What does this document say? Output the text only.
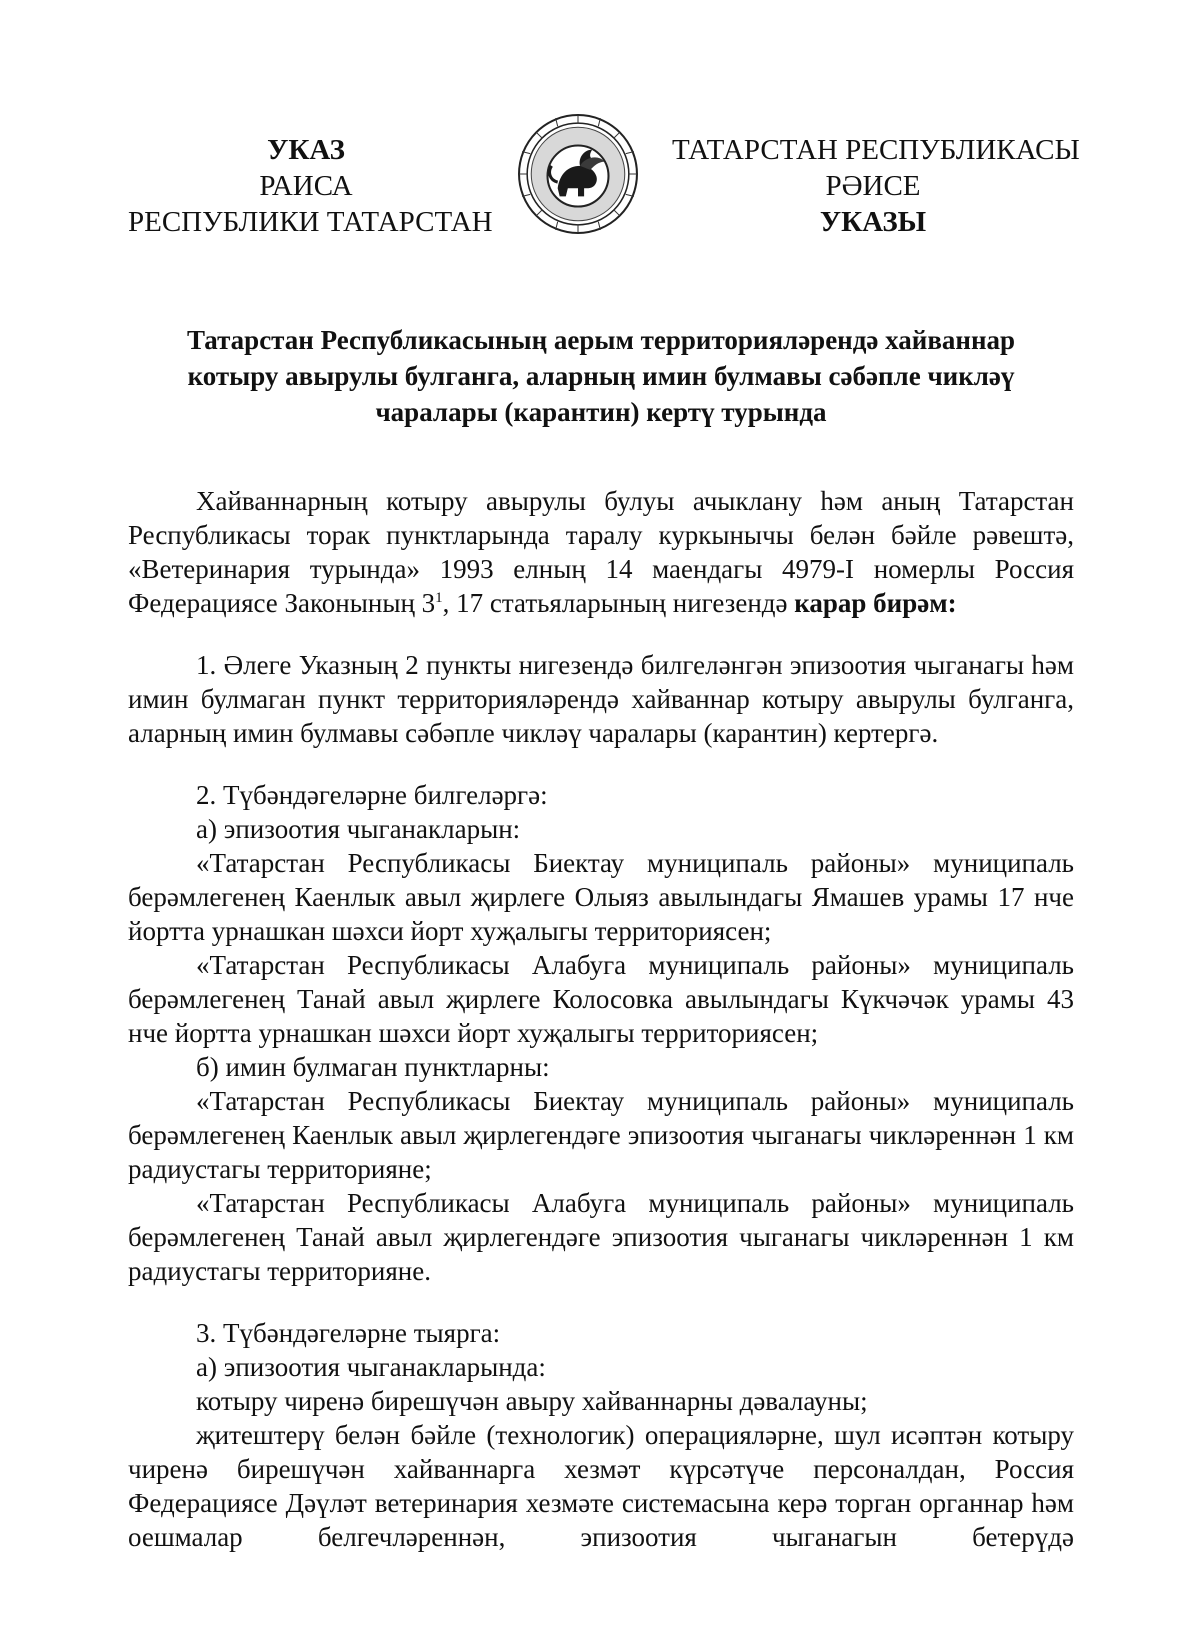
УКАЗ
РАИСА
РЕСПУБЛИКИ ТАТАРСТАН
ТАТАРСТАН РЕСПУБЛИКАСЫ
РӘИСЕ
УКАЗЫ
Татарстан Республикасының аерым территорияләрендә хайваннар
котыру авырулы булганга, аларның имин булмавы сәбәпле чикләү
чаралары (карантин) кертү турында

Хайваннарның котыру авырулы булуы ачыклану һәм аның Татарстан Республикасы торак пунктларында таралу куркынычы белән бәйле рәвештә, «Ветеринария турында» 1993 елның 14 маендагы 4979-I номерлы Россия Федерациясе Законының $3^1$, 17 статьяларының нигезендә карар бирәм:

1. Әлеге Указның 2 пункты нигезендә билгеләнгән эпизоотия чыганагы һәм имин булмаган пункт территорияләрендә хайваннар котыру авырулы булганга, аларның имин булмавы сәбәпле чикләү чаралары (карантин) кертергә.

2. Түбәндәгеләрне билгеләргә:

а) эпизоотия чыганакларын:

«Татарстан Республикасы Биектау муниципаль районы» муниципаль берәмлегенең Каенлык авыл җирлеге Олыяз авылындагы Ямашев урамы 17 нче йортта урнашкан шәхси йорт хуҗалыгы территориясен;

«Татарстан Республикасы Алабуга муниципаль районы» муниципаль берәмлегенең Танай авыл җирлеге Колосовка авылындагы Күкчәчәк урамы 43 нче йортта урнашкан шәхси йорт хуҗалыгы территориясен;

б) имин булмаган пунктларны:

«Татарстан Республикасы Биектау муниципаль районы» муниципаль берәмлегенең Каенлык авыл җирлегендәге эпизоотия чыганагы чикләреннән 1 км радиустагы территорияне;

«Татарстан Республикасы Алабуга муниципаль районы» муниципаль берәмлегенең Танай авыл җирлегендәге эпизоотия чыганагы чикләреннән 1 км радиустагы территорияне.

3. Түбәндәгеләрне тыярга:

а) эпизоотия чыганакларында:

котыру чиренә бирешүчән авыру хайваннарны дәвалауны;

җитештерү белән бәйле (технологик) операцияләрне, шул исәптән котыру чиренә бирешүчән хайваннарга хезмәт күрсәтүче персоналдан, Россия Федерациясе Дәүләт ветеринария хезмәте системасына керә торган органнар һәм оешмалар белгечләреннән, эпизоотия чыганагын бетерүдә
